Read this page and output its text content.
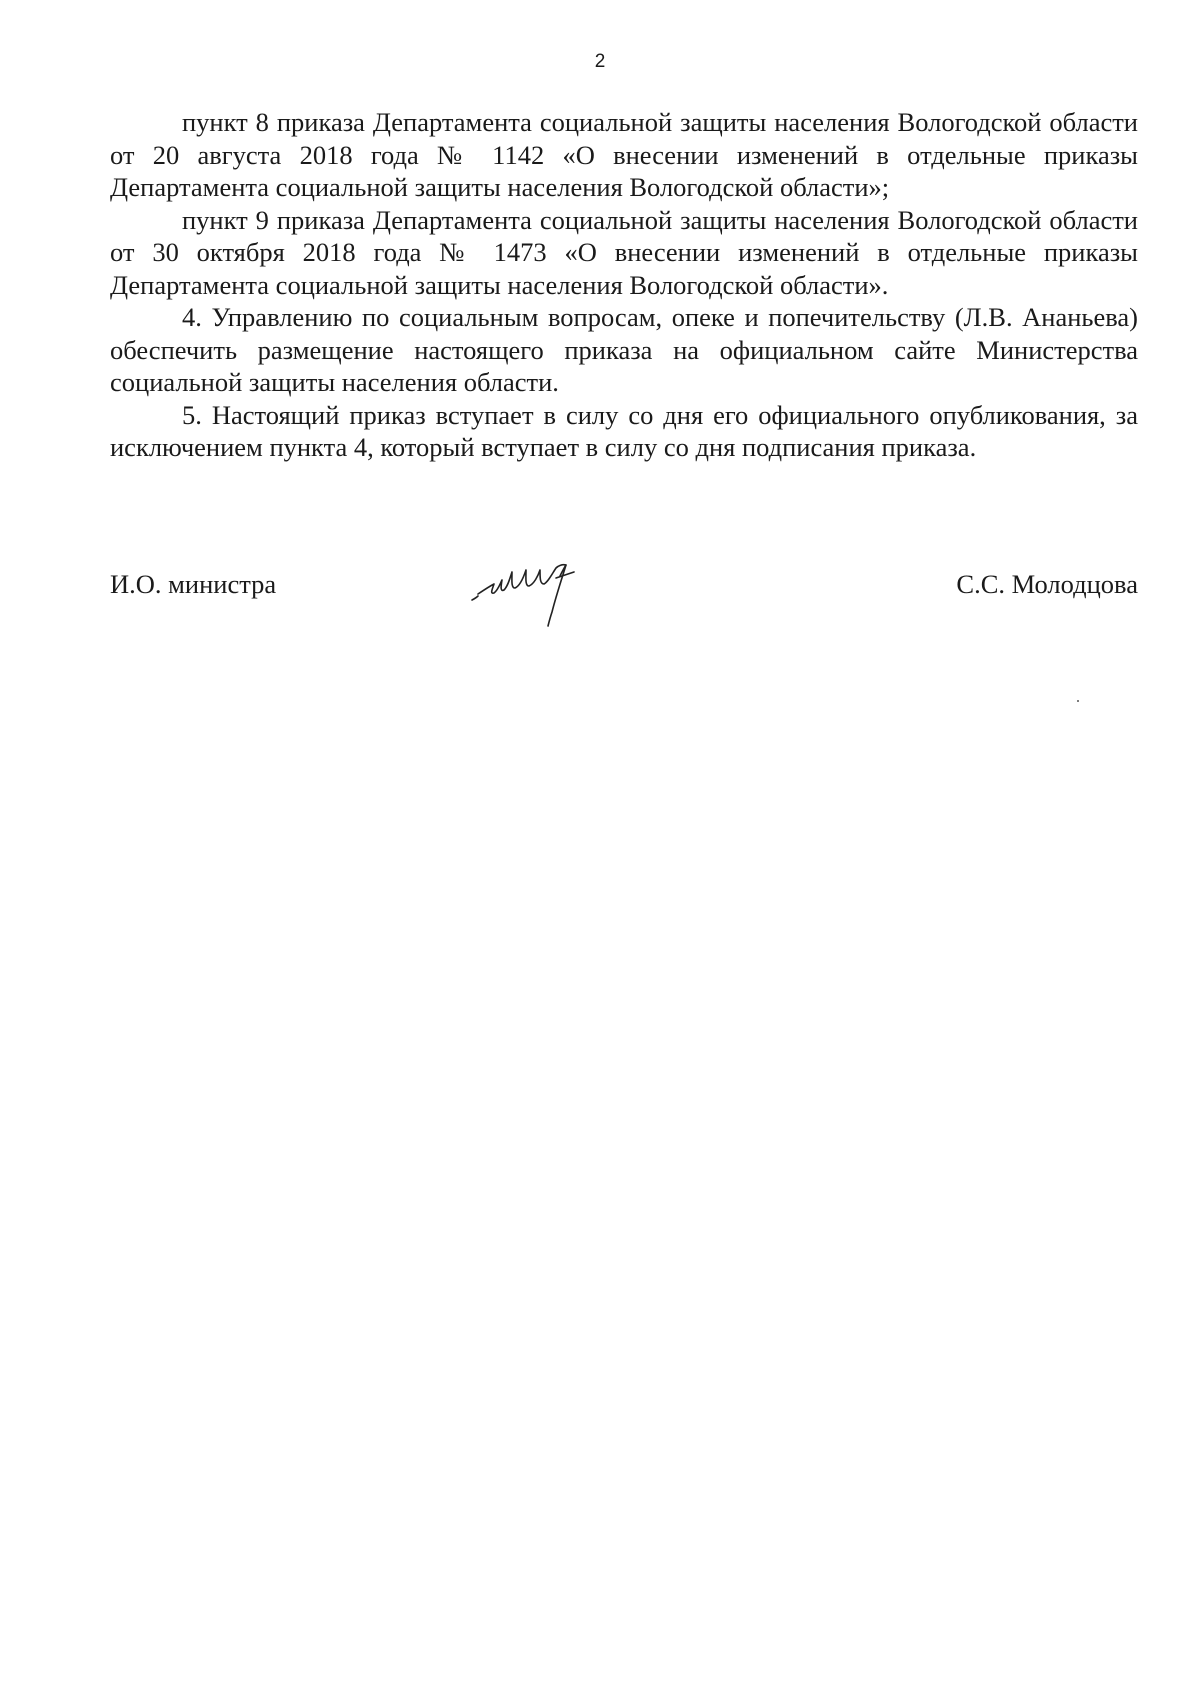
2

пункт 8 приказа Департамента социальной защиты населения Вологодской области от 20 августа 2018 года № 1142 «О внесении изменений в отдельные приказы Департамента социальной защиты населения Вологодской области»;

пункт 9 приказа Департамента социальной защиты населения Вологодской области от 30 октября 2018 года № 1473 «О внесении изменений в отдельные приказы Департамента социальной защиты населения Вологодской области».

4. Управлению по социальным вопросам, опеке и попечительству (Л.В. Ананьева) обеспечить размещение настоящего приказа на официальном сайте Министерства социальной защиты населения области.

5. Настоящий приказ вступает в силу со дня его официального опубликования, за исключением пункта 4, который вступает в силу со дня подписания приказа.

И.О. министра	С.С. Молодцова
